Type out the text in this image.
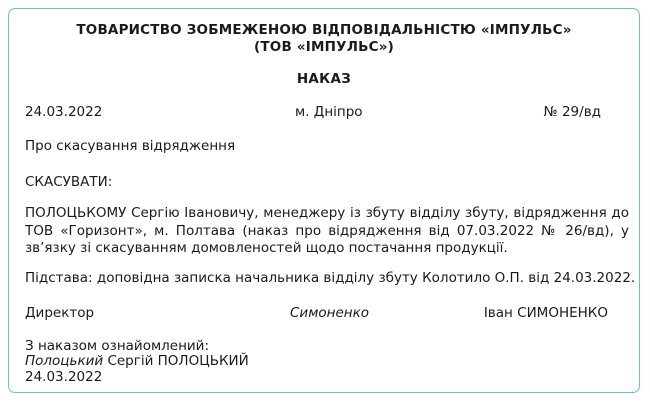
ТОВАРИСТВО ЗОБМЕЖЕНОЮ ВІДПОВІДАЛЬНІСТЮ «ІМПУЛЬС»
(ТОВ «ІМПУЛЬС»)
НАКАЗ
24.03.2022	м. Дніпро	№ 29/вд
Про скасування відрядження
СКАСУВАТИ:
ПОЛОЦЬКОМУ Сергію Івановичу, менеджеру із збуту відділу збуту, відрядження до ТОВ «Горизонт», м. Полтава (наказ про відрядження від 07.03.2022 № 26/вд), у зв’язку зі скасуванням домовленостей щодо постачання продукції.
Підстава: доповідна записка начальника відділу збуту Колотило О.П. від 24.03.2022.
Директор	Симоненко	Іван СИМОНЕНКО
З наказом ознайомлений:
Полоцький Сергій ПОЛОЦЬКИЙ
24.03.2022
